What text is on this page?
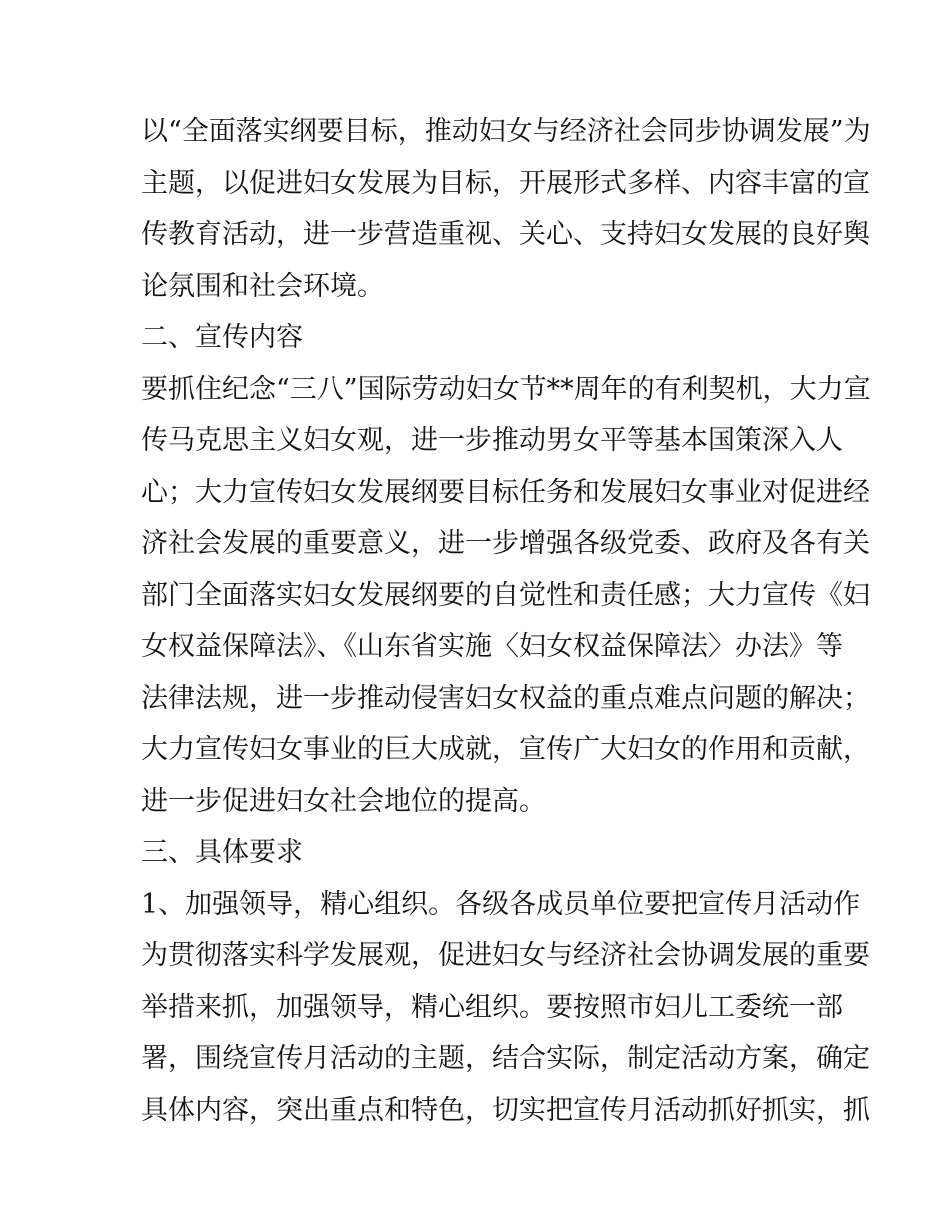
以“全面落实纲要目标，推动妇女与经济社会同步协调发展”为
主题，以促进妇女发展为目标，开展形式多样、内容丰富的宣
传教育活动，进一步营造重视、关心、支持妇女发展的良好舆
论氛围和社会环境。
二、宣传内容
要抓住纪念“三八”国际劳动妇女节**周年的有利契机，大力宣
传马克思主义妇女观，进一步推动男女平等基本国策深入人
心；大力宣传妇女发展纲要目标任务和发展妇女事业对促进经
济社会发展的重要意义，进一步增强各级党委、政府及各有关
部门全面落实妇女发展纲要的自觉性和责任感；大力宣传《妇
女权益保障法》、《山东省实施〈妇女权益保障法〉办法》等
法律法规，进一步推动侵害妇女权益的重点难点问题的解决；
大力宣传妇女事业的巨大成就，宣传广大妇女的作用和贡献，
进一步促进妇女社会地位的提高。
三、具体要求
1、加强领导，精心组织。各级各成员单位要把宣传月活动作
为贯彻落实科学发展观，促进妇女与经济社会协调发展的重要
举措来抓，加强领导，精心组织。要按照市妇儿工委统一部
署，围绕宣传月活动的主题，结合实际，制定活动方案，确定
具体内容，突出重点和特色，切实把宣传月活动抓好抓实，抓
